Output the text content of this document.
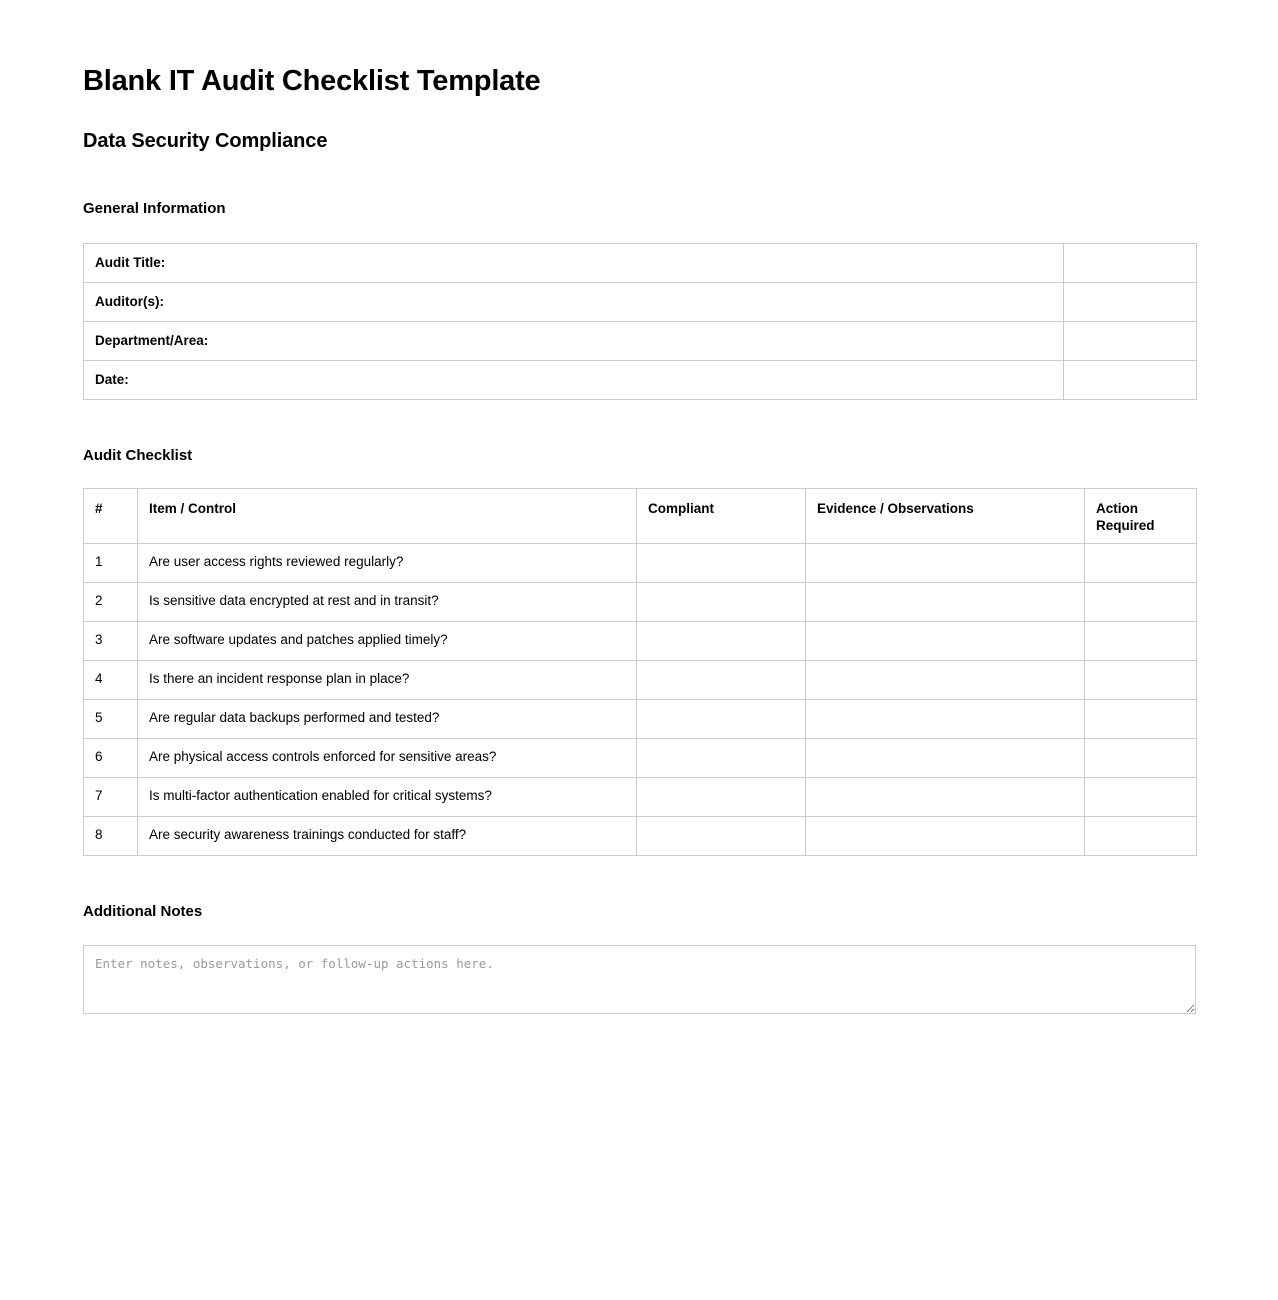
Blank IT Audit Checklist Template
Data Security Compliance
General Information
Audit Title:	
Auditor(s):	
Department/Area:	
Date:	
Audit Checklist
#	Item / Control	Compliant	Evidence / Observations	Action Required
1	Are user access rights reviewed regularly?			
2	Is sensitive data encrypted at rest and in transit?			
3	Are software updates and patches applied timely?			
4	Is there an incident response plan in place?			
5	Are regular data backups performed and tested?			
6	Are physical access controls enforced for sensitive areas?			
7	Is multi-factor authentication enabled for critical systems?			
8	Are security awareness trainings conducted for staff?			
Additional Notes
Enter notes, observations, or follow-up actions here.
